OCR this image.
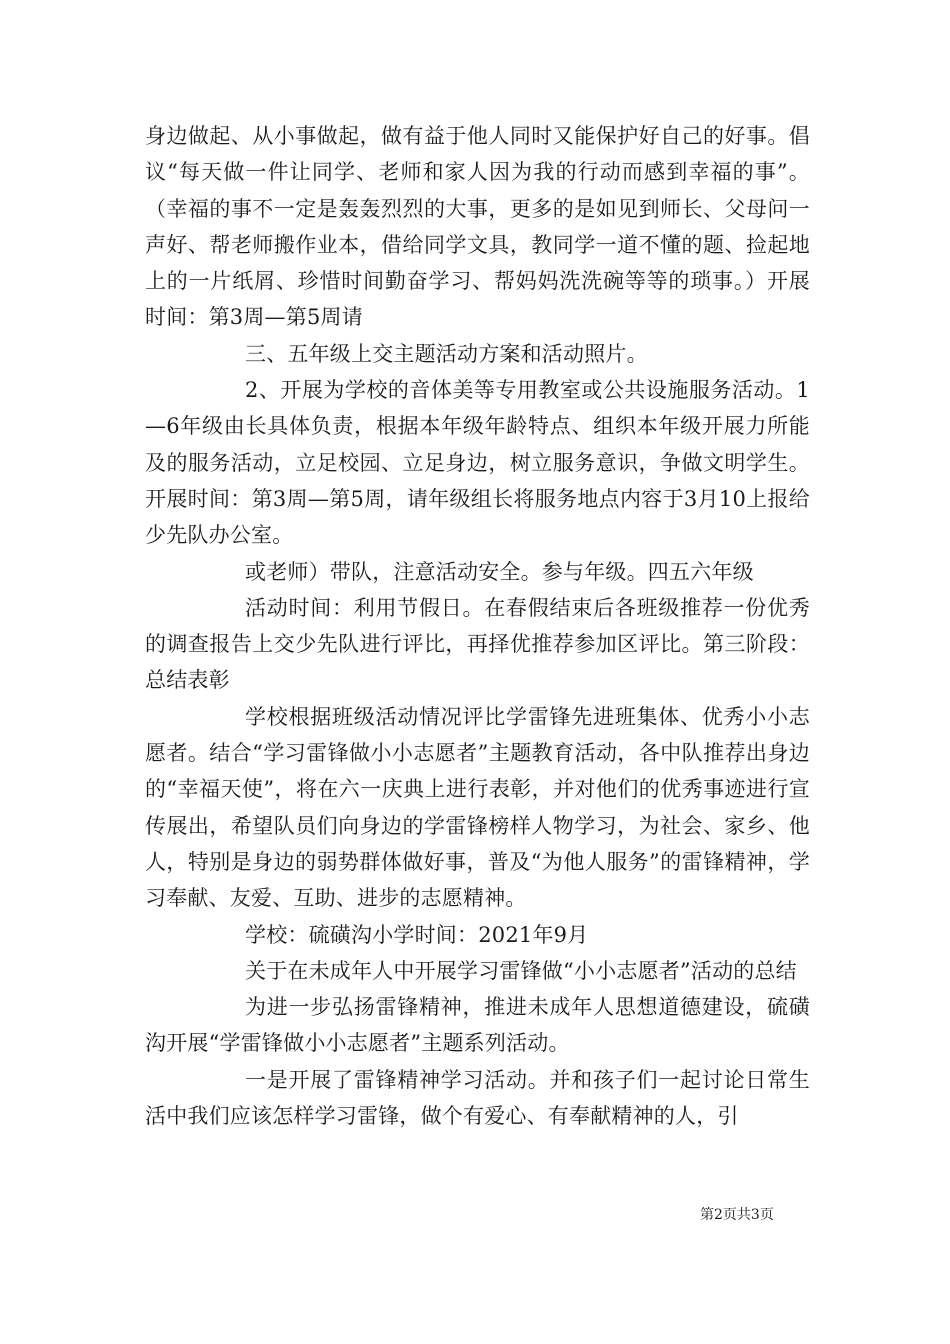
身边做起、从小事做起，做有益于他人同时又能保护好自己的好事。倡议“每天做一件让同学、老师和家人因为我的行动而感到幸福的事”。（幸福的事不一定是轰轰烈烈的大事，更多的是如见到师长、父母问一声好、帮老师搬作业本，借给同学文具，教同学一道不懂的题、捡起地上的一片纸屑、珍惜时间勤奋学习、帮妈妈洗洗碗等等的琐事。）开展时间：第3周—第5周请

三、五年级上交主题活动方案和活动照片。

2、开展为学校的音体美等专用教室或公共设施服务活动。1—6年级由长具体负责，根据本年级年龄特点、组织本年级开展力所能及的服务活动，立足校园、立足身边，树立服务意识，争做文明学生。开展时间：第3周—第5周，请年级组长将服务地点内容于3月10上报给少先队办公室。

或老师）带队，注意活动安全。参与年级。四五六年级

活动时间：利用节假日。在春假结束后各班级推荐一份优秀的调查报告上交少先队进行评比，再择优推荐参加区评比。第三阶段：总结表彰

学校根据班级活动情况评比学雷锋先进班集体、优秀小小志愿者。结合“学习雷锋做小小志愿者”主题教育活动，各中队推荐出身边的“幸福天使”，将在六一庆典上进行表彰，并对他们的优秀事迹进行宣传展出，希望队员们向身边的学雷锋榜样人物学习，为社会、家乡、他人，特别是身边的弱势群体做好事，普及“为他人服务”的雷锋精神，学习奉献、友爱、互助、进步的志愿精神。

学校：硫磺沟小学时间：2021年9月

关于在未成年人中开展学习雷锋做“小小志愿者”活动的总结

为进一步弘扬雷锋精神，推进未成年人思想道德建设，硫磺沟开展“学雷锋做小小志愿者”主题系列活动。

一是开展了雷锋精神学习活动。并和孩子们一起讨论日常生活中我们应该怎样学习雷锋，做个有爱心、有奉献精神的人，引

第2页共3页
